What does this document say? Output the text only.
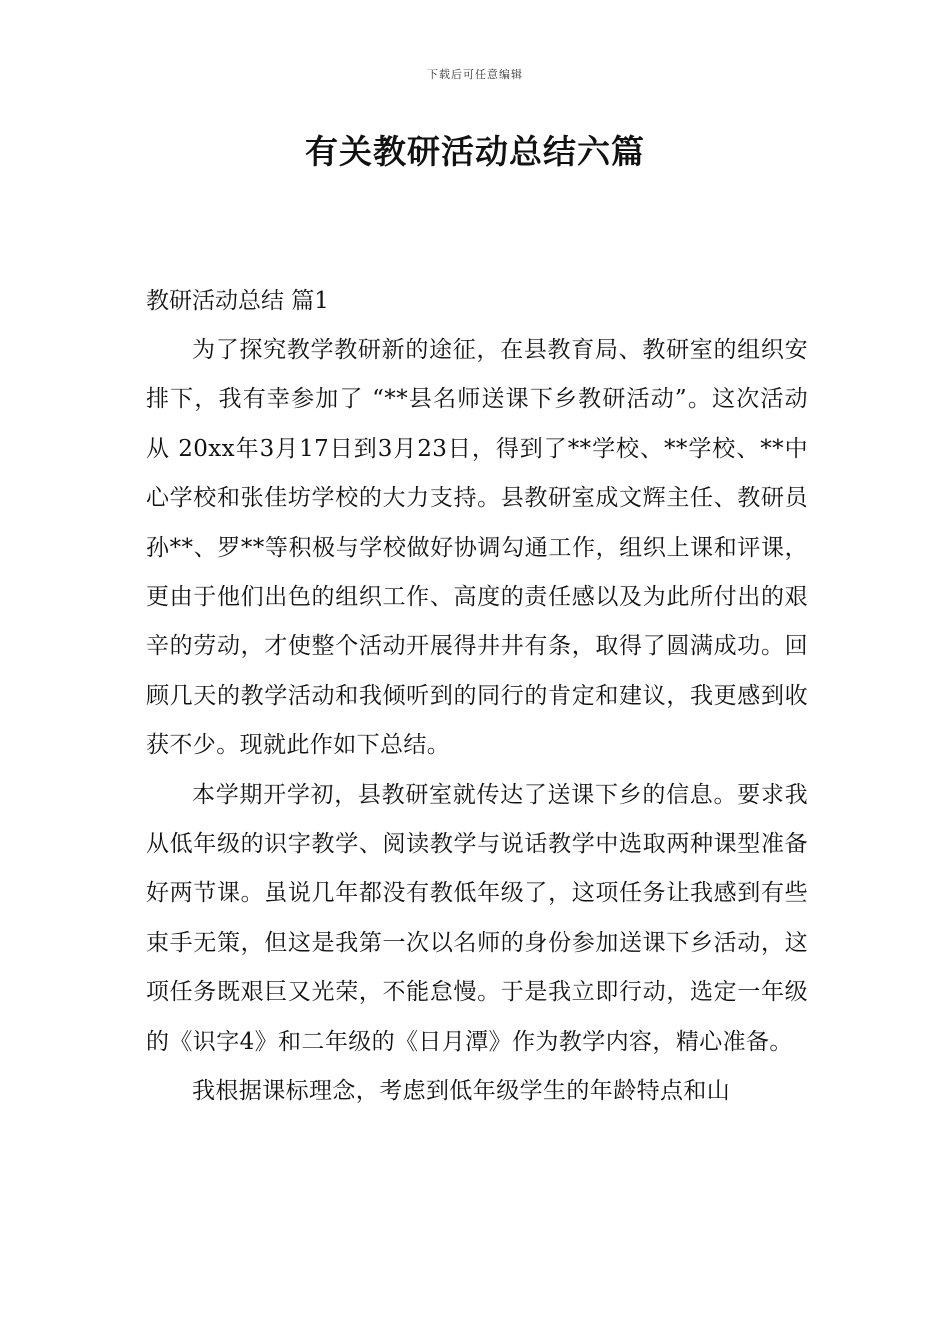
下载后可任意编辑
有关教研活动总结六篇

教研活动总结 篇1

为了探究教学教研新的途征，在县教育局、教研室的组织安排下，我有幸参加了 “**县名师送课下乡教研活动”。这次活动从 20xx年3月17日到3月23日，得到了**学校、**学校、**中心学校和张佳坊学校的大力支持。县教研室成文辉主任、教研员孙**、罗**等积极与学校做好协调勾通工作，组织上课和评课，更由于他们出色的组织工作、高度的责任感以及为此所付出的艰辛的劳动，才使整个活动开展得井井有条，取得了圆满成功。回顾几天的教学活动和我倾听到的同行的肯定和建议，我更感到收获不少。现就此作如下总结。

本学期开学初，县教研室就传达了送课下乡的信息。要求我从低年级的识字教学、阅读教学与说话教学中选取两种课型准备好两节课。虽说几年都没有教低年级了，这项任务让我感到有些束手无策，但这是我第一次以名师的身份参加送课下乡活动，这项任务既艰巨又光荣，不能怠慢。于是我立即行动，选定一年级的《识字4》和二年级的《日月潭》作为教学内容，精心准备。

我根据课标理念，考虑到低年级学生的年龄特点和山
